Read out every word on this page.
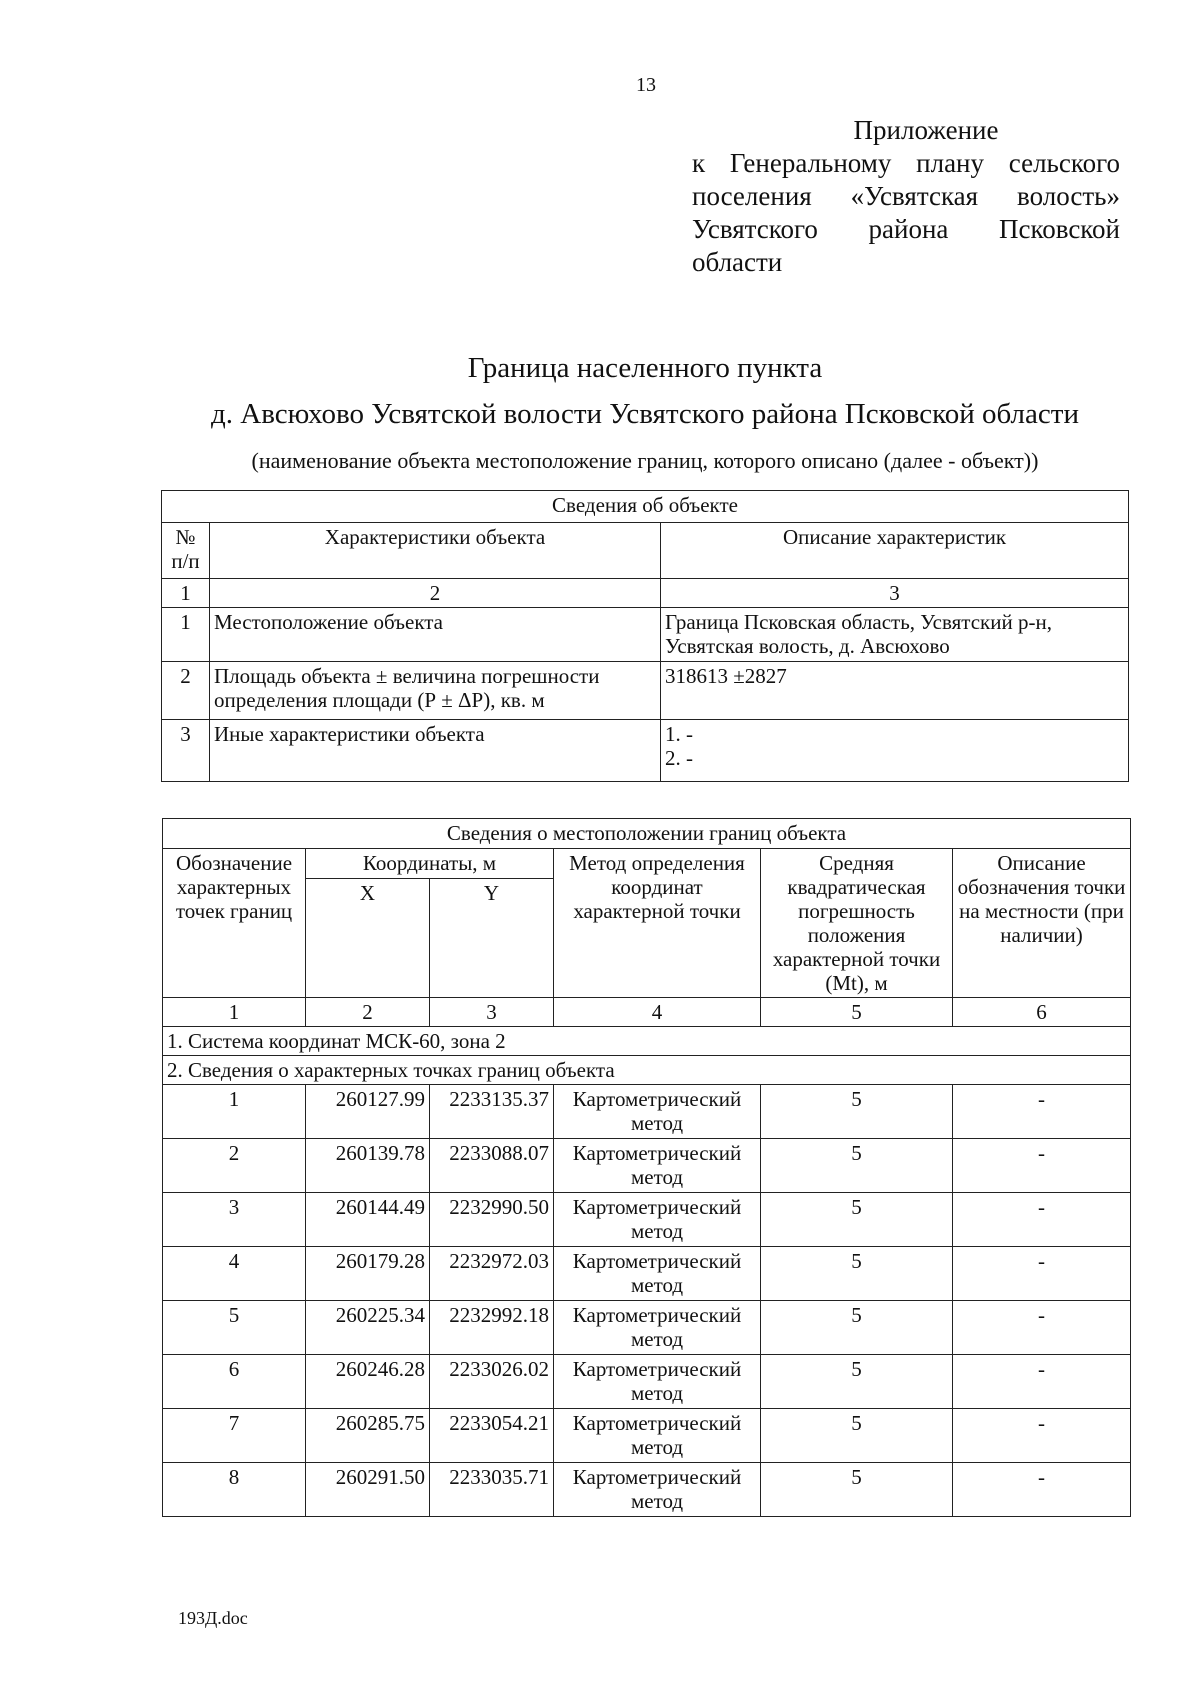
13
Приложение
к Генеральному плану сельского поселения «Усвятская волость» Усвятского района Псковской области
Граница населенного пункта
д. Авсюхово Усвятской волости Усвятского района Псковской области
(наименование объекта местоположение границ, которого описано (далее - объект))
Сведения об объекте		
№ п/п	Характеристики объекта	Описание характеристик
1	2	3
1	Местоположение объекта	Граница Псковская область, Усвятский р-н, Усвятская волость, д. Авсюхово
2	Площадь объекта ± величина погрешности определения площади (Р ± ΔР), кв. м	318613 ±2827
3	Иные характеристики объекта	1. -
2. -
Сведения о местоположении границ объекта					
Обозначение характерных точек границ	Координаты, м		Метод определения координат характерной точки	Средняя квадратическая погрешность положения характерной точки (Мt), м	Описание обозначения точки на местности (при наличии)
	X	Y			
1	2	3	4	5	6
1. Система координат МСК-60, зона 2					
2. Сведения о характерных точках границ объекта					
1	260127.99	2233135.37	Картометрический метод	5	-
2	260139.78	2233088.07	Картометрический метод	5	-
3	260144.49	2232990.50	Картометрический метод	5	-
4	260179.28	2232972.03	Картометрический метод	5	-
5	260225.34	2232992.18	Картометрический метод	5	-
6	260246.28	2233026.02	Картометрический метод	5	-
7	260285.75	2233054.21	Картометрический метод	5	-
8	260291.50	2233035.71	Картометрический метод	5	-
193Д.doc
